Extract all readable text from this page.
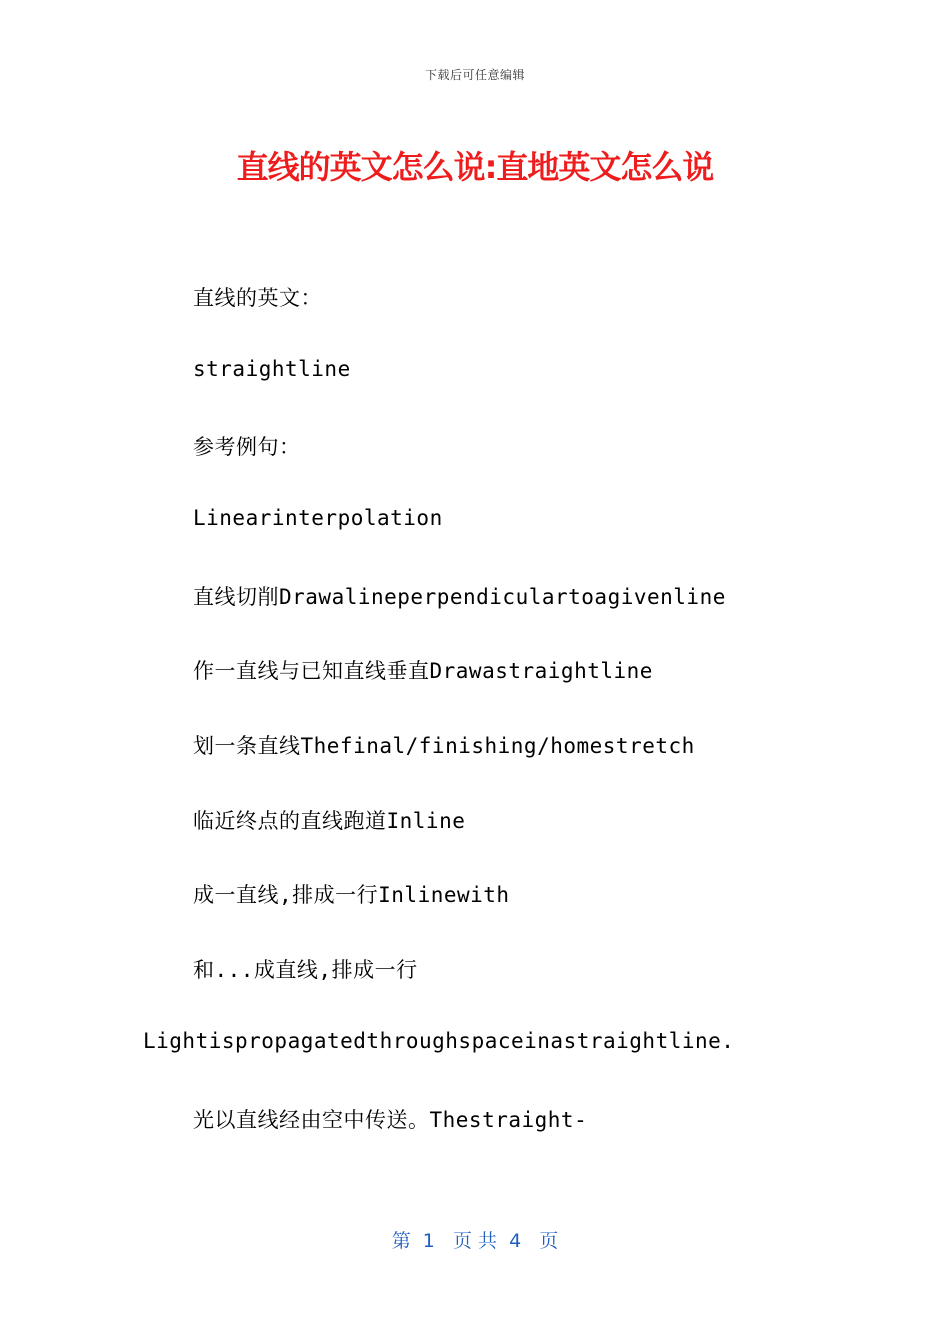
下载后可任意编辑
直线的英文怎么说:直地英文怎么说
直线的英文：
straightline
参考例句：
Linearinterpolation
直线切削Drawalineperpendiculartoagivenline
作一直线与已知直线垂直Drawastraightline
划一条直线Thefinal/finishing/homestretch
临近终点的直线跑道Inline
成一直线,排成一行Inlinewith
和...成直线,排成一行
Lightispropagatedthroughspaceinastraightline.
光以直线经由空中传送。Thestraight-
第  1   页 共  4   页
